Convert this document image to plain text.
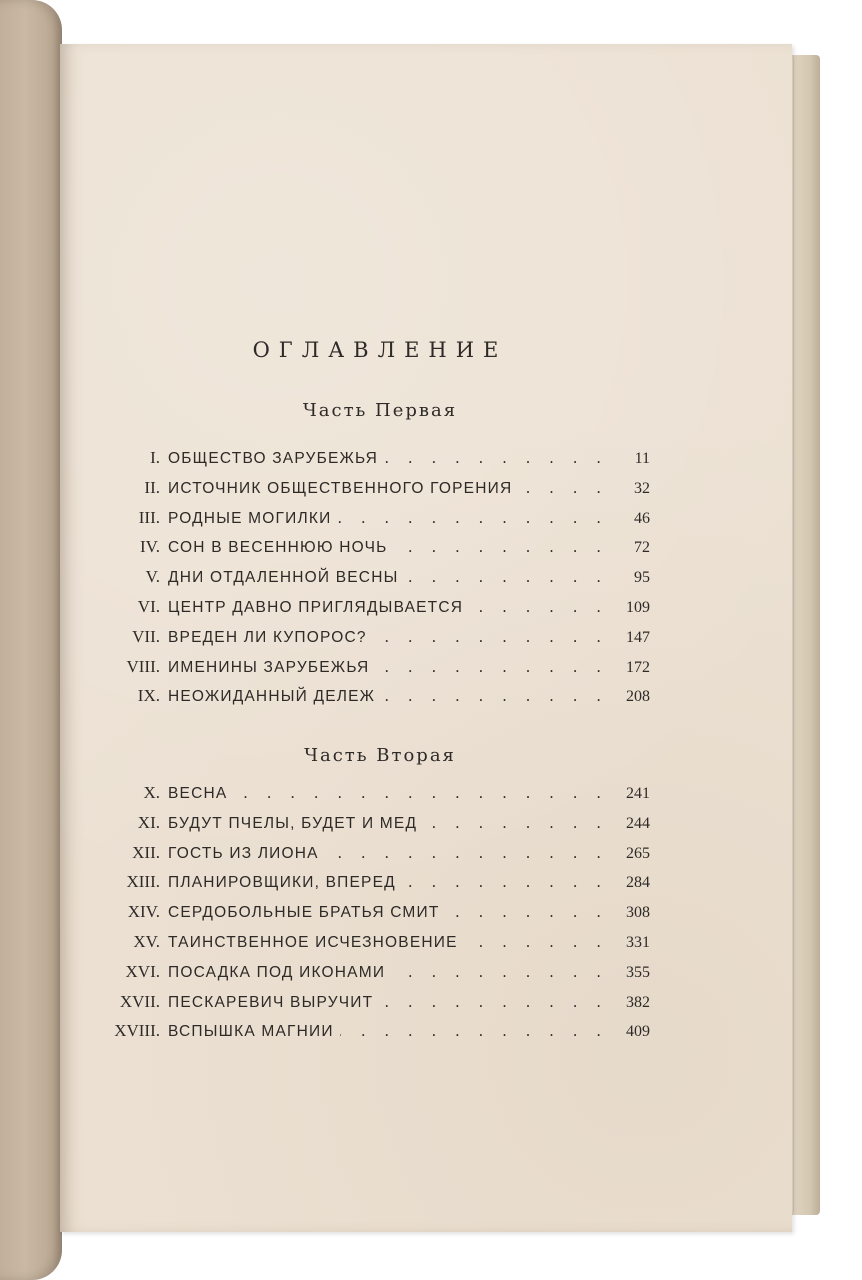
ОГЛАВЛЕНИЕ
Часть Первая
I. ОБЩЕСТВО ЗАРУБЕЖЬЯ . . .	11
II. ИСТОЧНИК ОБЩЕСТВЕННОГО ГОРЕНИЯ . . .	32
III. РОДНЫЕ МОГИЛКИ . . .	46
IV. СОН В ВЕСЕННЮЮ НОЧЬ . . .	72
V. ДНИ ОТДАЛЕННОЙ ВЕСНЫ . . .	95
VI. ЦЕНТР ДАВНО ПРИГЛЯДЫВАЕТСЯ . . .	109
VII. ВРЕДЕН ЛИ КУПОРОС? . . .	147
VIII. ИМЕНИНЫ ЗАРУБЕЖЬЯ . . .	172
IX. НЕОЖИДАННЫЙ ДЕЛЕЖ . . .	208
Часть Вторая
X. ВЕСНА . . .	241
XI. БУДУТ ПЧЕЛЫ, БУДЕТ И МЕД . . .	244
XII. ГОСТЬ ИЗ ЛИОНА . . .	265
XIII. ПЛАНИРОВЩИКИ, ВПЕРЕД . . .	284
XIV. СЕРДОБОЛЬНЫЕ БРАТЬЯ СМИТ . . .	308
XV. ТАИНСТВЕННОЕ ИСЧЕЗНОВЕНИЕ . . .	331
XVI. ПОСАДКА ПОД ИКОНАМИ . . .	355
XVII. ПЕСКАРЕВИЧ ВЫРУЧИТ . . .	382
XVIII. ВСПЫШКА МАГНИИ . . .	409
